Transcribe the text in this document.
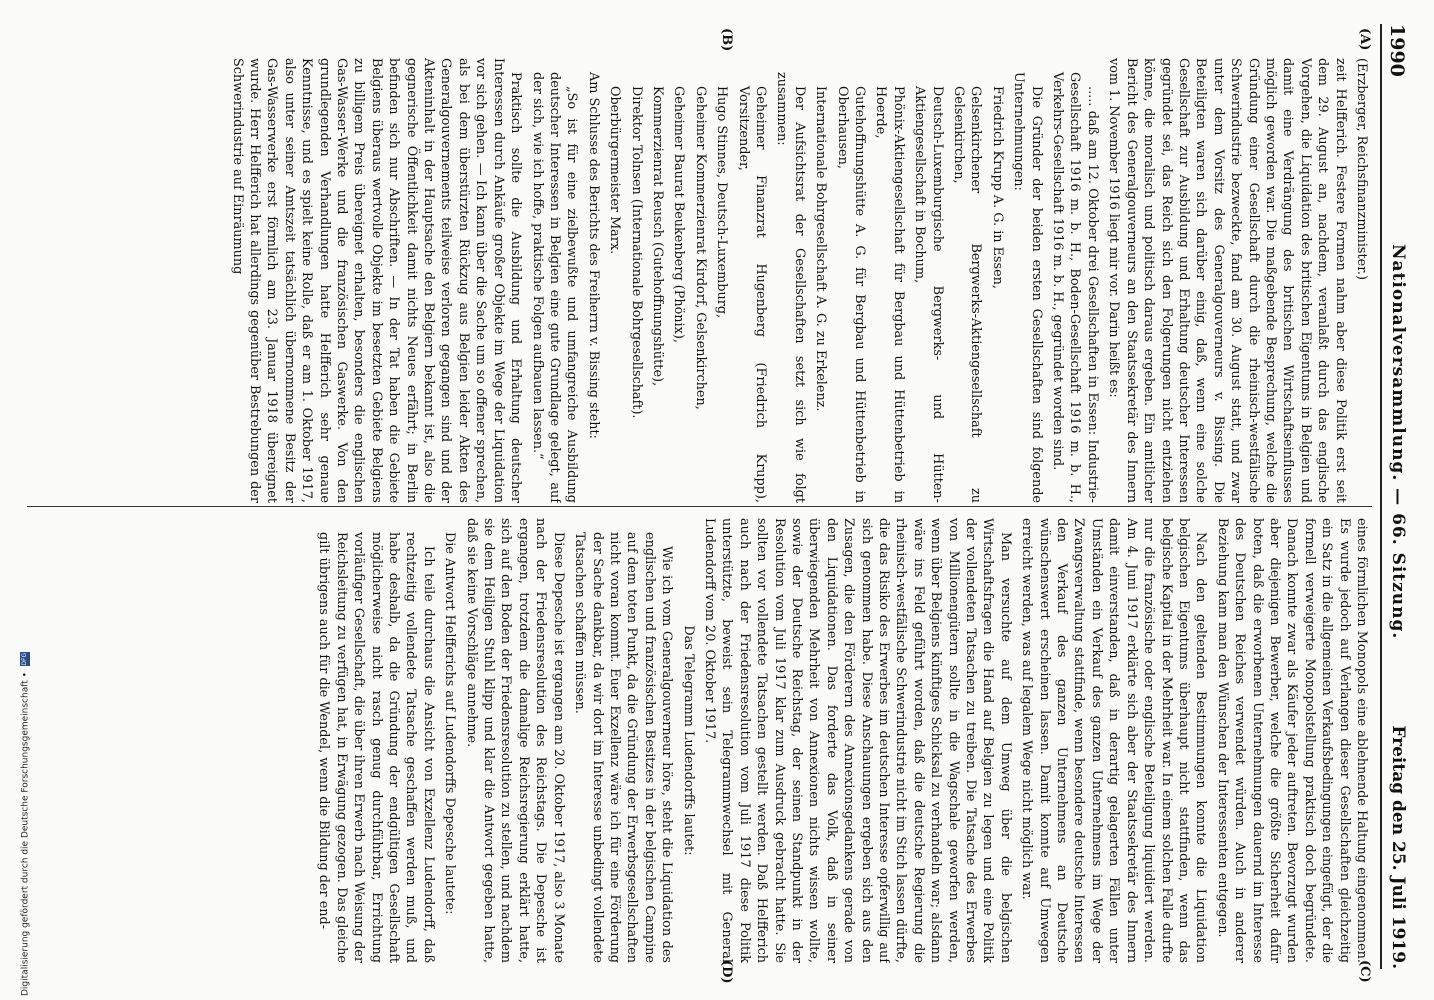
1990
Nationalversammlung. — 66. Sitzung.
Freitag den 25. Juli 1919.
(A)
(B)
(C)
(D)

(Erzberger, Reichsfinanzminister.)

zeit Helfferich. Festere Formen nahm aber diese Politik erst seit dem 29. August an, nachdem, veranlaßt durch das englische Vorgehen, die Liquidation des britischen Eigentums in Belgien und damit eine Verdrängung des britischen Wirtschaftseinflusses möglich geworden war. Die maßgebende Besprechung, welche die Gründung einer Gesellschaft durch die rheinisch-westfälische Schwerindustrie bezweckte, fand am 30. August statt, und zwar unter dem Vorsitz des Generalgouverneurs v. Bissing. Die Beteiligten waren sich darüber einig, daß, wenn eine solche Gesellschaft zur Ausbildung und Erhaltung deutscher Interessen gegründet sei, das Reich sich den Folgerungen nicht entziehen könne, die moralisch und politisch daraus ergeben. Ein amtlicher Bericht des Generalgouverneurs an den Staatssekretär des Innern vom 1. November 1916 liegt mir vor. Darin heißt es:

..... daß am 12. Oktober drei Gesellschaften in Essen: Industrie-Gesellschaft 1916 m. b. H., Boden-Gesellschaft 1916 m. b. H., Verkehrs-Gesellschaft 1916 m. b. H., gegründet worden sind.

Die Gründer der beiden ersten Gesellschaften sind folgende Unternehmungen:

Friedrich Krupp A. G. in Essen,

Gelsenkirchener Bergwerks-Aktiengesellschaft zu Gelsenkirchen,

Deutsch-Luxemburgische Bergwerks- und Hütten-Aktiengesellschaft in Bochum,

Phönix-Aktiengesellschaft für Bergbau und Hüttenbetrieb in Hoerde,

Gutehoffnungshütte A. G. für Bergbau und Hüttenbetrieb in Oberhausen,

Internationale Bohrgesellschaft A. G. zu Erkelenz.

Der Aufsichtsrat der Gesellschaften setzt sich wie folgt zusammen:

Geheimer Finanzrat Hugenberg (Friedrich Krupp), Vorsitzender,

Hugo Stinnes, Deutsch-Luxemburg,

Geheimer Kommerzienrat Kirdorf, Gelsenkirchen,

Geheimer Baurat Beukenberg (Phönix),

Kommerzienrat Reusch (Gutehoffnungshütte),

Direktor Tolnsen (Internationale Bohrgesellschaft).

Oberbürgermeister Marx.

Am Schlusse des Berichts des Freiherrn v. Bissing steht:

„So ist für eine zielbewußte und umfangreiche Ausbildung deutscher Interessen in Belgien eine gute Grundlage gelegt, auf der sich, wie ich hoffe, praktische Folgen aufbauen lassen.“

Praktisch sollte die Ausbildung und Erhaltung deutscher Interessen durch Ankäufe großer Objekte im Wege der Liquidation vor sich gehen. — Ich kann über die Sache um so offener sprechen, als bei dem überstürzten Rückzug aus Belgien leider Akten des Generalgouvernements teilweise verloren gegangen sind und der Akteninhalt in der Hauptsache den Belgiern bekannt ist, also die gegnerische Öffentlichkeit damit nichts Neues erfährt; in Berlin befinden sich nur Abschriften. — In der Tat haben die Gebiete Belgiens überaus wertvolle Objekte im besetzten Gebiete Belgiens zu billigem Preis übereignet erhalten, besonders die englischen Gas-Wasser-Werke und die französischen Gaswerke. Von den grundlegenden Verhandlungen hatte Helfferich sehr genaue Kenntnisse, und es spielt keine Rolle, daß er am 1. Oktober 1917, also unter seiner Amtszeit tatsächlich übernommene Besitz der Gas-Wasserwerke erst förmlich am 23. Januar 1918 übereignet wurde. Herr Helfferich hat allerdings gegenüber Bestrebungen der Schwerindustrie auf Einräumung

eines förmlichen Monopols eine ablehnende Haltung eingenommen. Es wurde jedoch auf Verlangen dieser Gesellschaften gleichzeitig ein Satz in die allgemeinen Verkaufsbedingungen eingefügt, der die formell verweigerte Monopolstellung praktisch doch begründete. Danach konnte zwar als Käufer jeder auftreten. Bevorzugt wurden aber diejenigen Bewerber, welche die größte Sicherheit dafür boten, daß die erworbenen Unternehmungen dauernd im Interesse des Deutschen Reiches verwendet würden. Auch in anderer Beziehung kam man den Wünschen der Interessenten entgegen.

Nach den geltenden Bestimmungen konnte die Liquidation belgischen Eigentums überhaupt nicht stattfinden, wenn das belgische Kapital in der Mehrheit war. In einem solchen Falle durfte nur die französische oder englische Beteiligung liquidiert werden. Am 4. Juni 1917 erklärte sich aber der Staatssekretär des Innern damit einverstanden, daß in derartig gelagerten Fällen unter Umständen ein Verkauf des ganzen Unternehmens im Wege der Zwangsverwaltung stattfinde, wenn besondere deutsche Interessen den Verkauf des ganzen Unternehmens an Deutsche wünschenswert erscheinen lassen. Damit konnte auf Umwegen erreicht werden, was auf legalem Wege nicht möglich war.

Man versuchte auf dem Umweg über die belgischen Wirtschaftsfragen die Hand auf Belgien zu legen und eine Politik der vollendeten Tatsachen zu treiben. Die Tatsache des Erwerbes von Millionengütern sollte in die Wagschale geworfen werden, wenn über Belgiens künftiges Schicksal zu verhandeln war; alsdann wäre ins Feld geführt worden, daß die deutsche Regierung die rheinisch-westfälische Schwerindustrie nicht im Stich lassen dürfte, die das Risiko des Erwerbes im deutschen Interesse opferwillig auf sich genommen habe. Diese Anschauungen ergeben sich aus den Zusagen, die den Förderern des Annexionsgedankens gerade von den Liquidationen. Das forderte das Volk, daß in seiner überwiegenden Mehrheit von Annexionen nichts wissen wollte, sowie der Deutsche Reichstag, der seinen Standpunkt in der Resolution vom Juli 1917 klar zum Ausdruck gebracht hatte. Sie sollten vor vollendete Tatsachen gestellt werden. Daß Helfferich auch nach der Friedensresolution vom Juli 1917 diese Politik unterstützte, beweist sein Telegrammwechsel mit General Ludendorff vom 20. Oktober 1917.

Das Telegramm Ludendorffs lautet:

Wie ich vom Generalgouverneur höre, steht die Liquidation des englischen und französischen Besitzes in der belgischen Campine auf dem toten Punkt, da die Gründung der Erwerbsgesellschaften nicht voran kommt. Euer Exzellenz wäre ich für eine Förderung der Sache dankbar, da wir dort im Interesse unbedingt vollendete Tatsachen schaffen müssen.

Diese Depesche ist ergangen am 20. Oktober 1917, also 3 Monate nach der Friedensresolution des Reichstags. Die Depesche ist ergangen, trotzdem die damalige Reichsregierung erklärt hatte, sich auf den Boden der Friedensresolution zu stellen, und nachdem sie dem Heiligen Stuhl klipp und klar die Antwort gegeben hatte, daß sie keine Vorschläge annehme.

Die Antwort Helfferichs auf Ludendorffs Depesche lautete:

Ich teile durchaus die Ansicht von Exzellenz Ludendorff, daß rechtzeitig vollendete Tatsache geschaffen werden muß, und habe deshalb, da die Gründung der endgültigen Gesellschaft möglicherweise nicht rasch genug durchführbar, Errichtung vorläufiger Gesellschaft, die über ihren Erwerb nach Weisung der Reichsleitung zu verfügen hat, in Erwägung gezogen. Das gleiche gilt übrigens auch für die Wendel, wenn die Bildung der end-

Digitalisierung gefördert durch die Deutsche Forschungsgemeinschaft • DFG
